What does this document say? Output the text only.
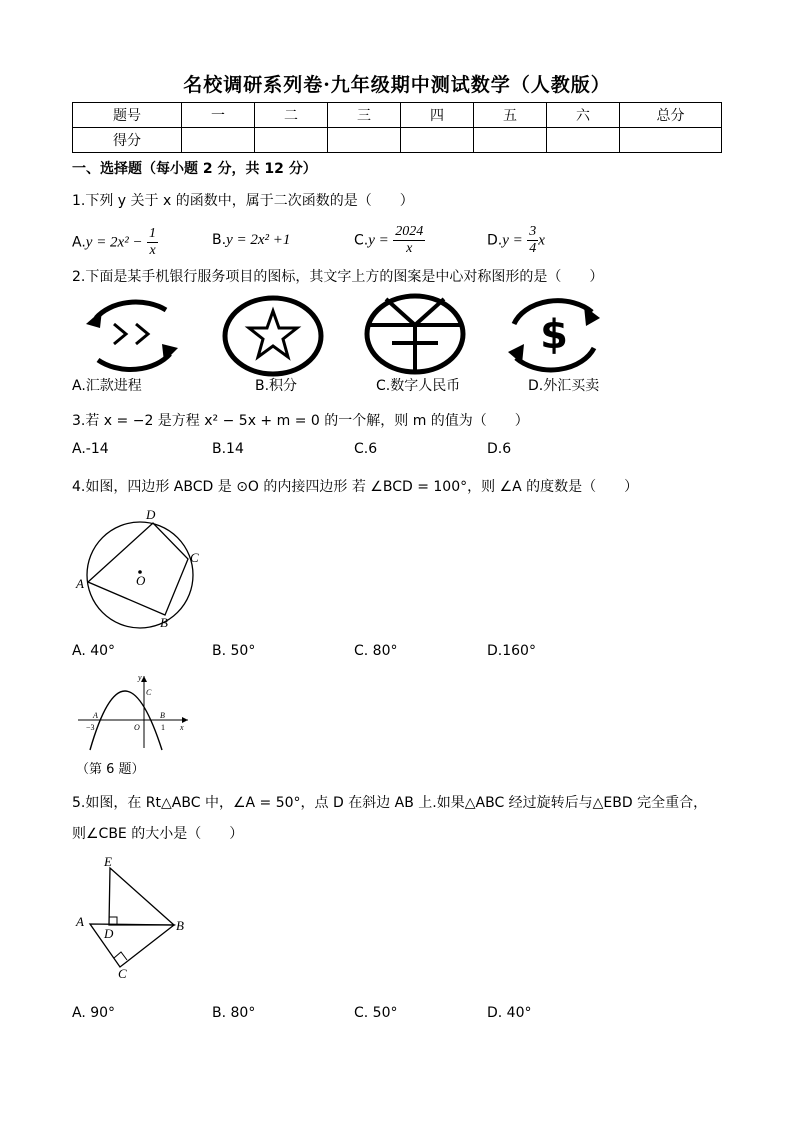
名校调研系列卷·九年级期中测试数学（人教版）
题号	一	二	三	四	五	六	总分
得分							
一、选择题（每小题 2 分，共 12 分）
1.下列 y 关于 x 的函数中，属于二次函数的是（　　）
$A.y = 2x^2 - \frac{1}{x}$	B.y = 2x² +1	$C.y = \frac{2024}{x}$	$D.y = \frac{3}{4}$ x
2.下面是某手机银行服务项目的图标，其文字上方的图案是中心对称图形的是（　　）
$
A.汇款进程	B.积分	C.数字人民币	D.外汇买卖
3.若 x = −2 是方程 x² − 5x + m = 0 的一个解，则 m 的值为（　　）
A.-14	B.14	C.6	D.6
4.如图，四边形 ABCD 是 ⊙O 的内接四边形 若 ∠BCD = 100°，则 ∠A 的度数是（　　）
A
B
C
D
O
A. 40°	B. 50°	C. 80°	D.160°
y
x
C
A	B
O
−3	1
（第 6 题）
5.如图，在 Rt△ABC 中，∠A = 50°，点 D 在斜边 AB 上.如果△ABC 经过旋转后与△EBD 完全重合，
则∠CBE 的大小是（　　）
E
A
D
B
C
A. 90°	B. 80°	C. 50°	D. 40°
